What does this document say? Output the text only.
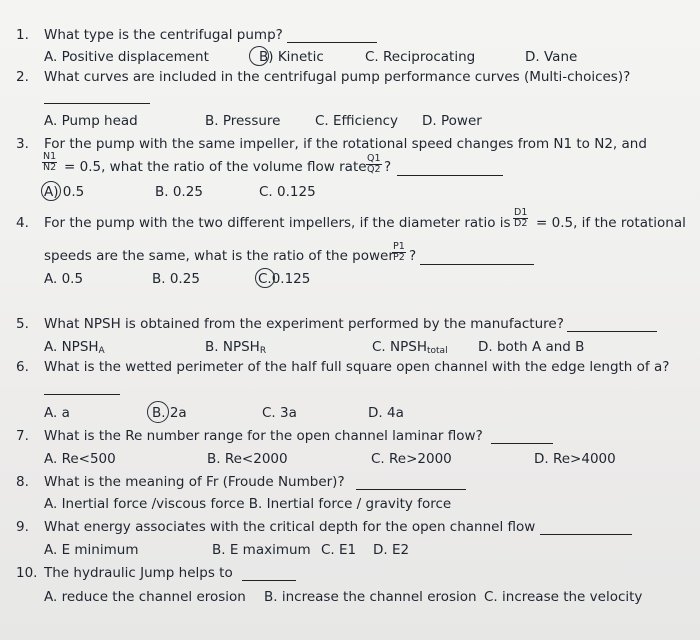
1. What type is the centrifugal pump?
A. Positive displacement	B) Kinetic	C. Reciprocating	D. Vane
2. What curves are included in the centrifugal pump performance curves (Multi-choices)?
A. Pump head	B. Pressure	C. Efficiency D. Power
3. For the pump with the same impeller, if the rotational speed changes from N1 to N2, and
$\frac{N1}{N2} = 0.5$, what the ratio of the volume flow rate $\frac{Q1}{Q2}$ ?
A) 0.5	B. 0.25	C. 0.125
4. For the pump with the two different impellers, if the diameter ratio is $\frac{D1}{D2} = 0.5$, if the rotational
speeds are the same, what is the ratio of the power
$\frac{P1}{P2}$ ?
A. 0.5	B. 0.25	C.0.125
5. What NPSH is obtained from the experiment performed by the manufacture?
A. $NPSH_A$	B. $NPSH_R$	C. $NPSH_{total}$ D. both A and B
6. What is the wetted perimeter of the half full square open channel with the edge length of a?
A. a	B. 2a	C. 3a	D. 4a
7. What is the Re number range for the open channel laminar flow?
A. Re<500	B. Re<2000	C. Re>2000	D. Re>4000
8. What is the meaning of Fr (Froude Number)?
A. Inertial force /viscous force B. Inertial force / gravity force
9. What energy associates with the critical depth for the open channel flow
A. E minimum	B. E maximum C. E1 D. E2
10. The hydraulic Jump helps to
A. reduce the channel erosion B. increase the channel erosion C. increase the velocity
